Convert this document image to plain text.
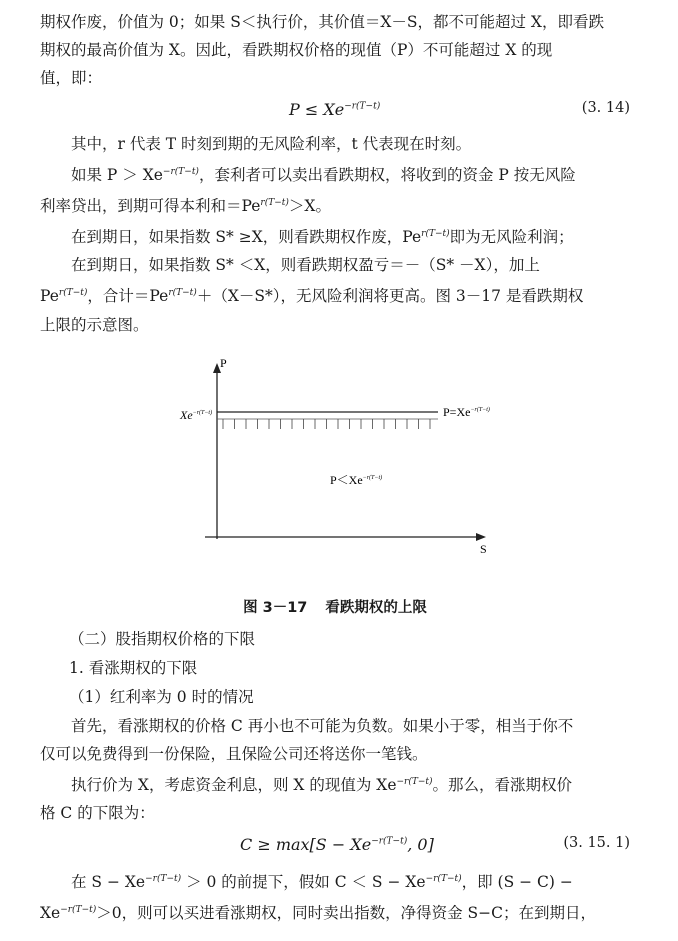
期权作废，价值为 0；如果 S＜执行价，其价值＝X－S，都不可能超过 X，即看跌

期权的最高价值为 X。因此，看跌期权价格的现值（P）不可能超过 X 的现

值，即：

$P \le Xe^{-r(T-t)}$	(3. 14)

其中，r 代表 T 时刻到期的无风险利率，t 代表现在时刻。

如果 $P > Xe^{-r(T-t)}$，套利者可以卖出看跌期权，将收到的资金 P 按无风险

利率贷出，到期可得本利和$=Pe^{r(T-t)}>X$。

在到期日，如果指数 S* ≥X，则看跌期权作废，$Pe^{r(T-t)}$即为无风险利润；

在到期日，如果指数 S* ＜X，则看跌期权盈亏＝－（S* －X），加上

$Pe^{r(T-t)}$，合计$=Pe^{r(T-t)}+(X-S*)$，无风险利润将更高。图 3－17 是看跌期权

上限的示意图。

P
S
$Xe^{-r(T-t)}$	$P=Xe^{-r(T-t)}$
$P<Xe^{-r(T-t)}$
图 3－17 看跌期权的上限

（二）股指期权价格的下限

1. 看涨期权的下限

（1）红利率为 0 时的情况

首先，看涨期权的价格 C 再小也不可能为负数。如果小于零，相当于你不

仅可以免费得到一份保险，且保险公司还将送你一笔钱。

执行价为 X，考虑资金利息，则 X 的现值为 $Xe^{-r(T-t)}$。那么，看涨期权价

格 C 的下限为：

$C \ge \max[S - Xe^{-r(T-t)}$, 0]	(3. 15. 1)

在 $S - Xe^{-r(T-t)} > 0$ 的前提下，假如 $C < S - Xe^{-r(T-t)}$，即 (S − C) −

$Xe^{-r(T-t)}>0$，则可以买进看涨期权，同时卖出指数，净得资金 S−C；在到期日，
